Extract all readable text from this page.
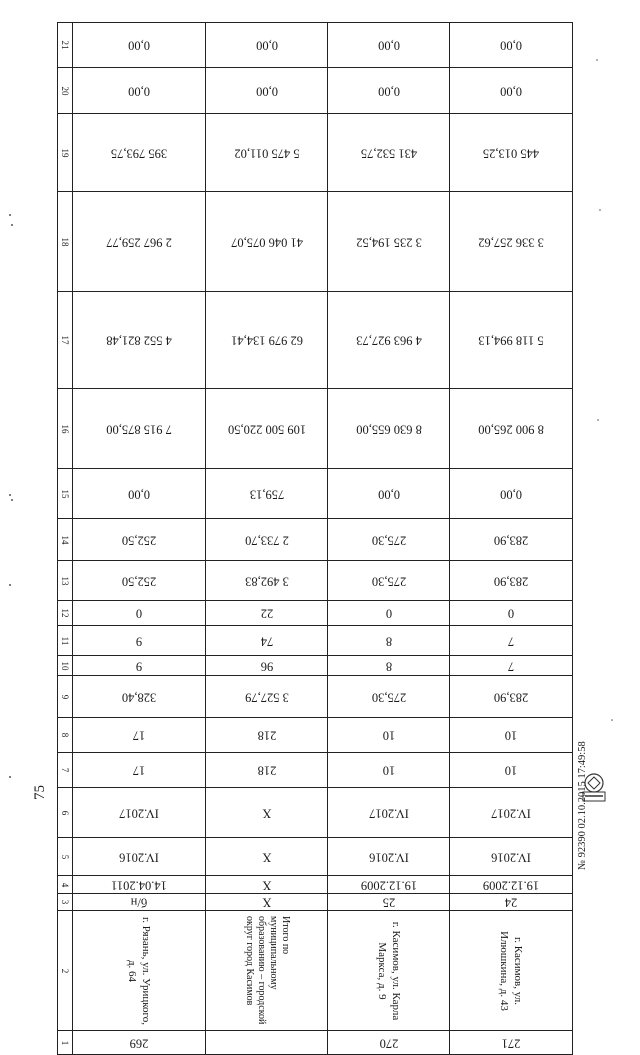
75
21	0,00	0,00	0,00	0,00

20	0,00	0,00	0,00	0,00

19	395 793,75	5 475 011,02	431 532,75	445 013,25

18	2 967 259,77	41 046 075,07	3 235 194,52	3 336 257,62

17	4 552 821,48	62 979 134,41	4 963 927,73	5 118 994,13

16	7 915 875,00	109 500 220,50	8 630 655,00	8 900 265,00

15	0,00	759,13	0,00	0,00

14	252,50	2 733,70	275,30	283,90

13	252,50	3 492,83	275,30	283,90

12	0	22	0	0

11	9	74	8	7

10	9	96	8	7

9	328,40	3 527,79	275,30	283,90

8	17	218	10	10

7	17	218	10	10

6	IV.2017	X	IV.2017	IV.2017

5	IV.2016	X	IV.2016	IV.2016

4	14.04.2011	X	19.12.2009	19.12.2009

3	б/н	X	25	24

2	г. Рязань, ул. Урицкого, д. 64	Итого по муниципальному образованию – городской округ город Касимов	г. Касимов, ул. Карла Маркса, д. 9	г. Касимов, ул. Илюшкина, д. 43

1	269		270	271
№ 92390 02.10.2015 17:49:58
